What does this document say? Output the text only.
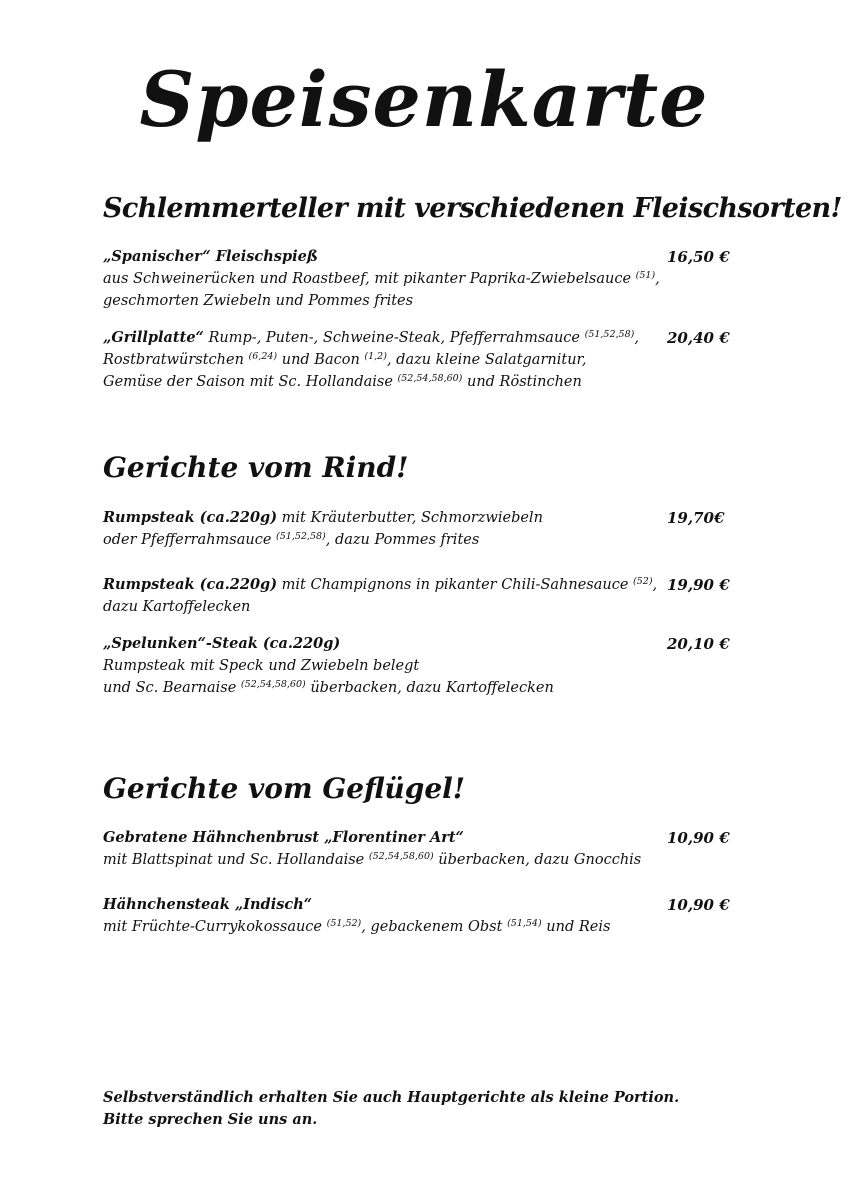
Speisenkarte
Schlemmerteller mit verschiedenen Fleischsorten!
„Spanischer“ Fleischspieß
aus Schweinerücken und Roastbeef, mit pikanter Paprika-Zwiebelsauce $^{(51)}$,
geschmorten Zwiebeln und Pommes frites
16,50 €
„Grillplatte“ Rump-, Puten-, Schweine-Steak, Pfefferrahmsauce $^{(51,52,58)}$,
Rostbratwürstchen $^{(6,24)}$ und Bacon $^{(1,2)}$, dazu kleine Salatgarnitur,
Gemüse der Saison mit Sc. Hollandaise $^{(52,54,58,60)}$ und Röstinchen
20,40 €
Gerichte vom Rind!
Rumpsteak (ca.220g) mit Kräuterbutter, Schmorzwiebeln
oder Pfefferrahmsauce $^{(51,52,58)}$, dazu Pommes frites
19,70€
Rumpsteak (ca.220g) mit Champignons in pikanter Chili-Sahnesauce $^{(52)}$,
dazu Kartoffelecken
19,90 €
„Spelunken“-Steak (ca.220g)
Rumpsteak mit Speck und Zwiebeln belegt
und Sc. Bearnaise $^{(52,54,58,60)}$ überbacken, dazu Kartoffelecken
20,10 €
Gerichte vom Geflügel!
Gebratene Hähnchenbrust „Florentiner Art“
mit Blattspinat und Sc. Hollandaise $^{(52,54,58,60)}$ überbacken, dazu Gnocchis
10,90 €
Hähnchensteak „Indisch“
mit Früchte-Currykokossauce $^{(51,52)}$, gebackenem Obst $^{(51,54)}$ und Reis
10,90 €
Selbstverständlich erhalten Sie auch Hauptgerichte als kleine Portion.
Bitte sprechen Sie uns an.
